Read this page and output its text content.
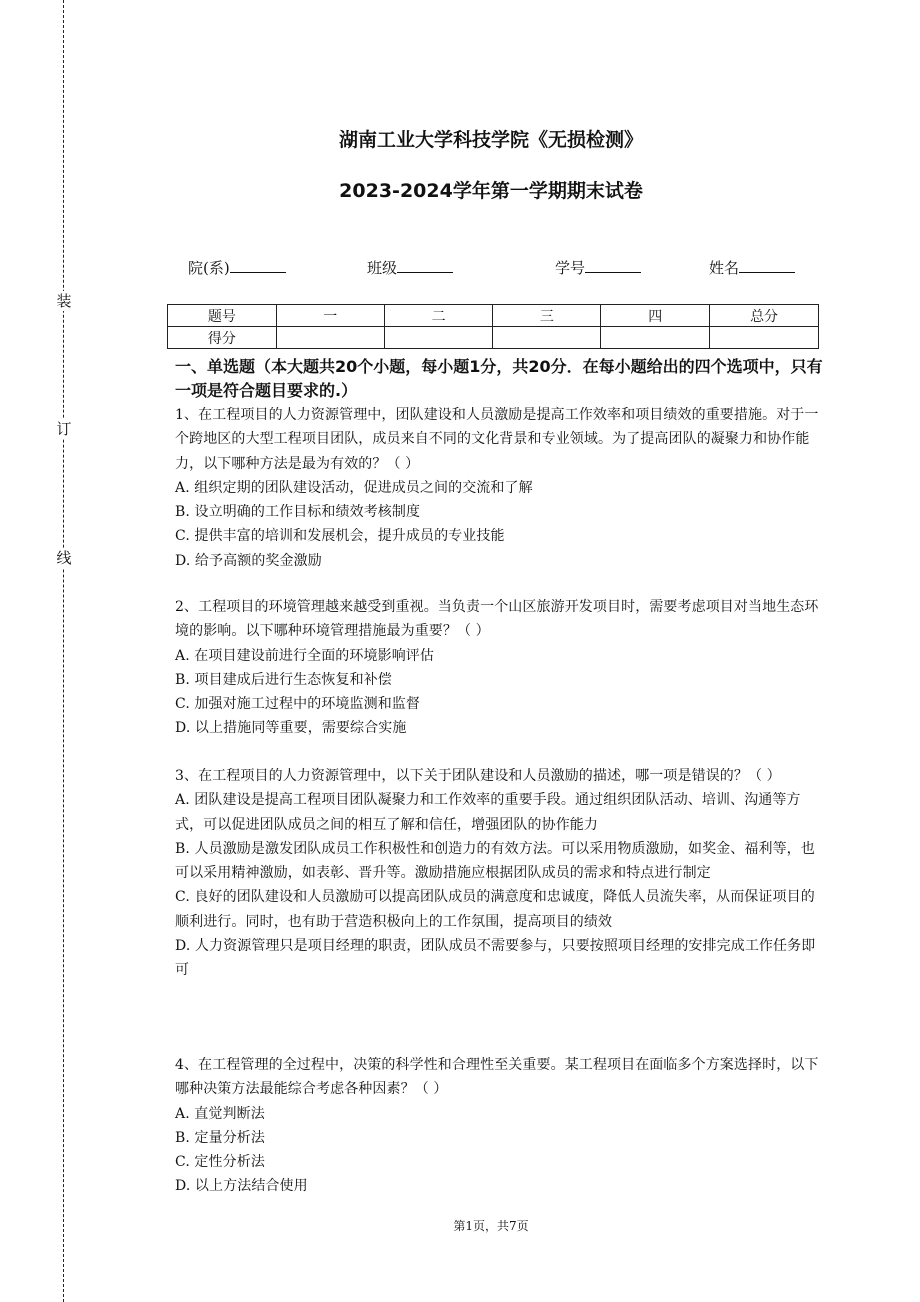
装
订
线
湖南工业大学科技学院《无损检测》
2023-2024学年第一学期期末试卷
院(系)	班级	学号	姓名
题号	一	二	三	四	总分
得分					
一、单选题（本大题共20个小题，每小题1分，共20分．在每小题给出的四个选项中，只有一项是符合题目要求的.）

1、在工程项目的人力资源管理中，团队建设和人员激励是提高工作效率和项目绩效的重要措施。对于一个跨地区的大型工程项目团队，成员来自不同的文化背景和专业领域。为了提高团队的凝聚力和协作能力，以下哪种方法是最为有效的？（ ）

A. 组织定期的团队建设活动，促进成员之间的交流和了解

B. 设立明确的工作目标和绩效考核制度

C. 提供丰富的培训和发展机会，提升成员的专业技能

D. 给予高额的奖金激励

2、工程项目的环境管理越来越受到重视。当负责一个山区旅游开发项目时，需要考虑项目对当地生态环境的影响。以下哪种环境管理措施最为重要？（ ）

A. 在项目建设前进行全面的环境影响评估

B. 项目建成后进行生态恢复和补偿

C. 加强对施工过程中的环境监测和监督

D. 以上措施同等重要，需要综合实施

3、在工程项目的人力资源管理中，以下关于团队建设和人员激励的描述，哪一项是错误的？（ ）

A. 团队建设是提高工程项目团队凝聚力和工作效率的重要手段。通过组织团队活动、培训、沟通等方式，可以促进团队成员之间的相互了解和信任，增强团队的协作能力

B. 人员激励是激发团队成员工作积极性和创造力的有效方法。可以采用物质激励，如奖金、福利等，也可以采用精神激励，如表彰、晋升等。激励措施应根据团队成员的需求和特点进行制定

C. 良好的团队建设和人员激励可以提高团队成员的满意度和忠诚度，降低人员流失率，从而保证项目的顺利进行。同时，也有助于营造积极向上的工作氛围，提高项目的绩效

D. 人力资源管理只是项目经理的职责，团队成员不需要参与，只要按照项目经理的安排完成工作任务即可

4、在工程管理的全过程中，决策的科学性和合理性至关重要。某工程项目在面临多个方案选择时，以下哪种决策方法最能综合考虑各种因素？（ ）

A. 直觉判断法

B. 定量分析法

C. 定性分析法

D. 以上方法结合使用

第1页，共7页
